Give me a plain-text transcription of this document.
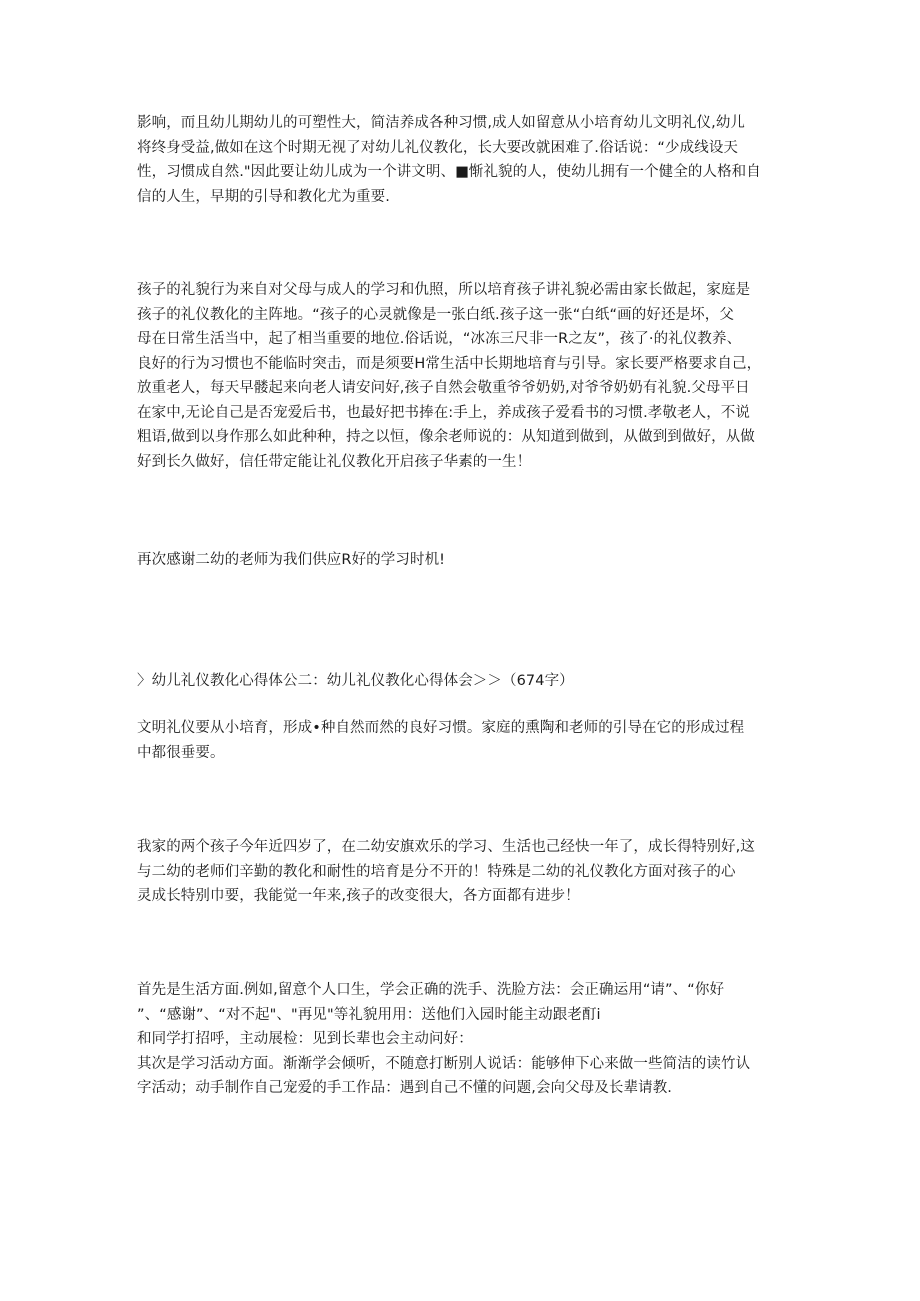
影响，而且幼儿期幼儿的可塑性大，简洁养成各种习惯,成人如留意从小培育幼儿文明礼仪,幼儿
将终身受益,做如在这个时期无视了对幼儿礼仪教化，长大要改就困难了.俗话说：“少成线设天
性，习惯成自然."因此要让幼儿成为一个讲文明、■惭礼貌的人，使幼儿拥有一个健全的人格和自
信的人生，早期的引导和教化尤为重要.

孩子的礼貌行为来自对父母与成人的学习和仇照，所以培育孩子讲礼貌必需由家长做起，家庭是
孩子的礼仪教化的主阵地。“孩子的心灵就像是一张白纸.孩子这一张“白纸“画的好还是坏，父
母在日常生活当中，起了相当重要的地位.俗话说，“冰冻三尺非一R之友”，孩了·的礼仪教养、
良好的行为习惯也不能临时突击，而是须要H常生活中长期地培育与引导。家长要严格要求自己，
放重老人，每天早髅起来向老人请安问好,孩子自然会敬重爷爷奶奶,对爷爷奶奶有礼貌.父母平日
在家中,无论自己是否宠爱后书，也最好把书捧在:手上，养成孩子爱看书的习惯.孝敬老人，不说
粗语,做到以身作那么如此种种，持之以恒，像余老师说的：从知道到做到，从做到到做好，从做
好到长久做好，信任带定能让礼仪教化开启孩子华素的一生！

再次感谢二幼的老师为我们供应R好的学习时机!

〉幼儿礼仪教化心得体公二：幼儿礼仪教化心得体会＞＞（674字）

文明礼仪要从小培育，形成•种自然而然的良好习惯。家庭的熏陶和老师的引导在它的形成过程
中都很垂要。

我家的两个孩子今年近四岁了，在二幼安旗欢乐的学习、生活也己经快一年了，成长得特别好,这
与二幼的老师们辛勤的教化和耐性的培育是分不开的！特殊是二幼的礼仪教化方面对孩子的心
灵成长特别巾要，我能觉一年来,孩子的改变很大，各方面都有进步！

首先是生活方面.例如,留意个人口生，学会正确的洗手、洗脸方法：会正确运用“请”、“你好
”、“感谢”、“对不起"、"再见"等礼貌用用：送他们入园时能主动跟老酊i
和同学打招呼，主动展检：见到长辈也会主动问好：
其次是学习活动方面。渐渐学会倾听，不随意打断别人说话：能够伸下心来做一些简洁的读竹认
字活动；动手制作自己宠爱的手工作品：遇到自己不懂的问题,会向父母及长辈请教.
